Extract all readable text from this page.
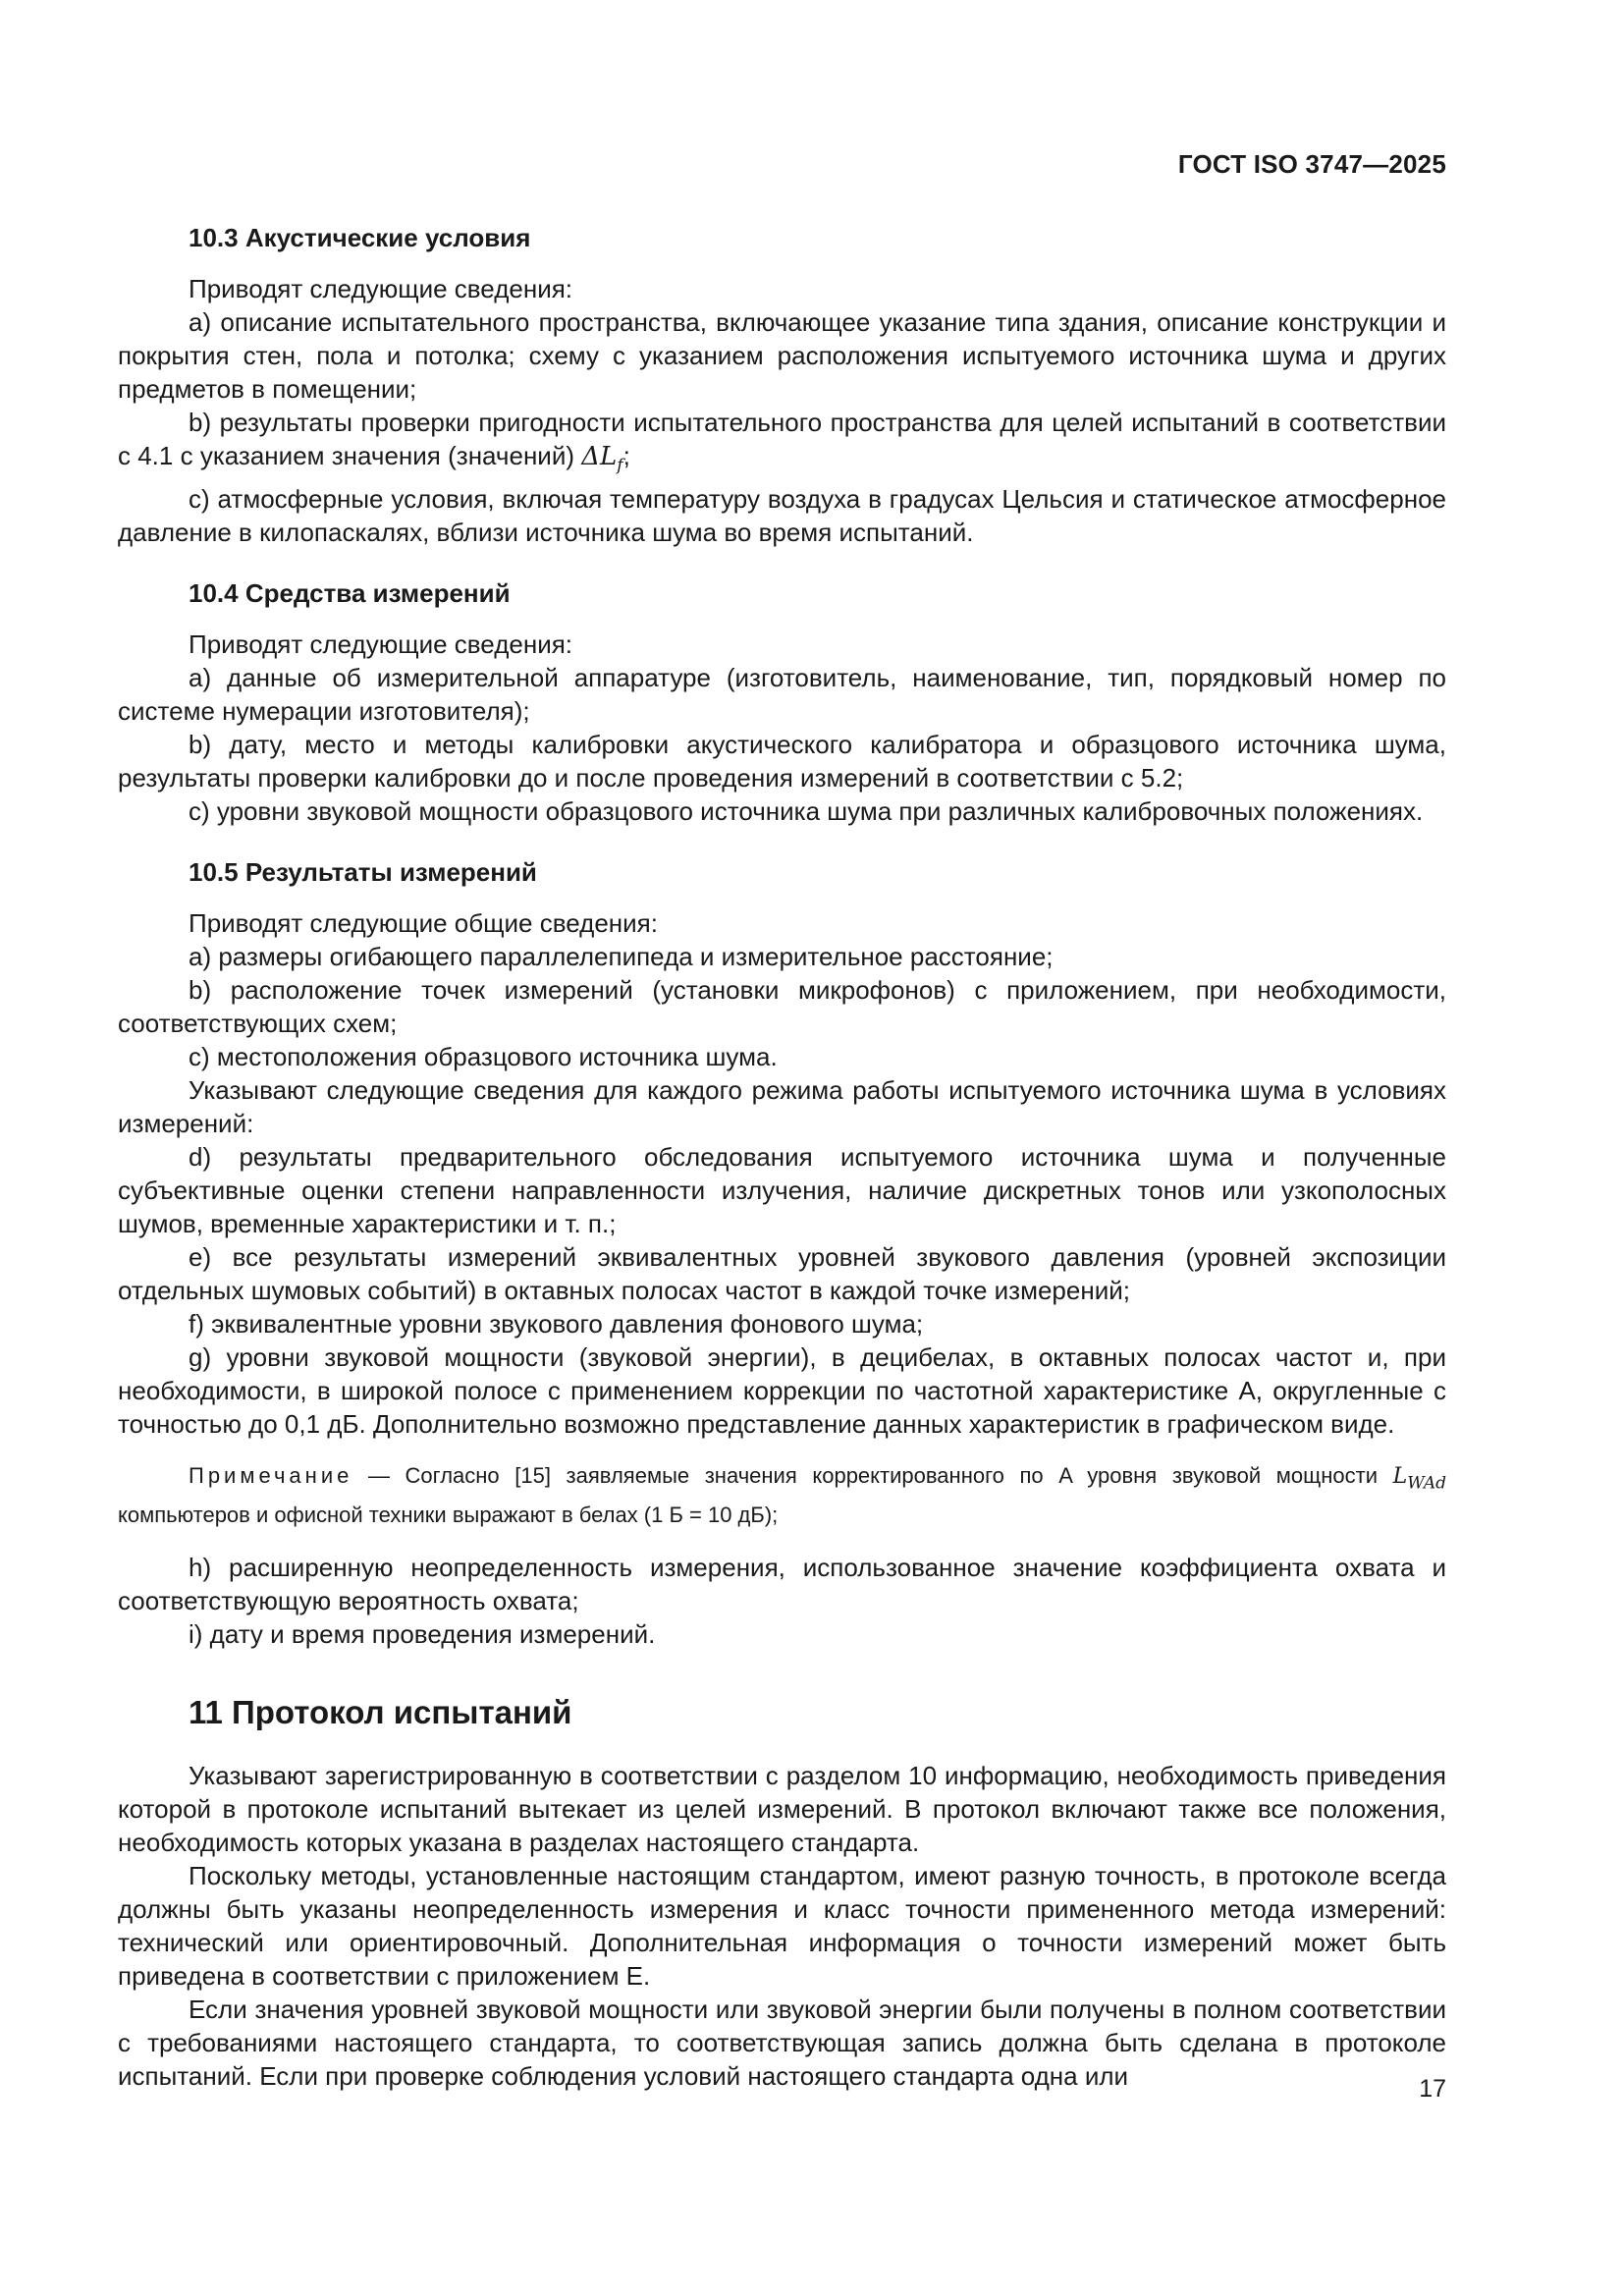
ГОСТ ISO 3747—2025
10.3 Акустические условия

Приводят следующие сведения:

a) описание испытательного пространства, включающее указание типа здания, описание конструкции и покрытия стен, пола и потолка; схему с указанием расположения испытуемого источника шума и других предметов в помещении;

b) результаты проверки пригодности испытательного пространства для целей испытаний в соответствии с 4.1 с указанием значения (значений) $\Delta L_f$;

c) атмосферные условия, включая температуру воздуха в градусах Цельсия и статическое атмосферное давление в килопаскалях, вблизи источника шума во время испытаний.

10.4 Средства измерений

Приводят следующие сведения:

a) данные об измерительной аппаратуре (изготовитель, наименование, тип, порядковый номер по системе нумерации изготовителя);

b) дату, место и методы калибровки акустического калибратора и образцового источника шума, результаты проверки калибровки до и после проведения измерений в соответствии с 5.2;

c) уровни звуковой мощности образцового источника шума при различных калибровочных положениях.

10.5 Результаты измерений

Приводят следующие общие сведения:

a) размеры огибающего параллелепипеда и измерительное расстояние;

b) расположение точек измерений (установки микрофонов) с приложением, при необходимости, соответствующих схем;

c) местоположения образцового источника шума.

Указывают следующие сведения для каждого режима работы испытуемого источника шума в условиях измерений:

d) результаты предварительного обследования испытуемого источника шума и полученные субъективные оценки степени направленности излучения, наличие дискретных тонов или узкополосных шумов, временные характеристики и т. п.;

e) все результаты измерений эквивалентных уровней звукового давления (уровней экспозиции отдельных шумовых событий) в октавных полосах частот в каждой точке измерений;

f) эквивалентные уровни звукового давления фонового шума;

g) уровни звуковой мощности (звуковой энергии), в децибелах, в октавных полосах частот и, при необходимости, в широкой полосе с применением коррекции по частотной характеристике A, округленные с точностью до 0,1 дБ. Дополнительно возможно представление данных характеристик в графическом виде.

Примечание — Согласно [15] заявляемые значения корректированного по A уровня звуковой мощности $L_{WAd}$ компьютеров и офисной техники выражают в белах (1 Б = 10 дБ);

h) расширенную неопределенность измерения, использованное значение коэффициента охвата и соответствующую вероятность охвата;

i) дату и время проведения измерений.

11 Протокол испытаний

Указывают зарегистрированную в соответствии с разделом 10 информацию, необходимость приведения которой в протоколе испытаний вытекает из целей измерений. В протокол включают также все положения, необходимость которых указана в разделах настоящего стандарта.

Поскольку методы, установленные настоящим стандартом, имеют разную точность, в протоколе всегда должны быть указаны неопределенность измерения и класс точности примененного метода измерений: технический или ориентировочный. Дополнительная информация о точности измерений может быть приведена в соответствии с приложением E.

Если значения уровней звуковой мощности или звуковой энергии были получены в полном соответствии с требованиями настоящего стандарта, то соответствующая запись должна быть сделана в протоколе испытаний. Если при проверке соблюдения условий настоящего стандарта одна или	17
